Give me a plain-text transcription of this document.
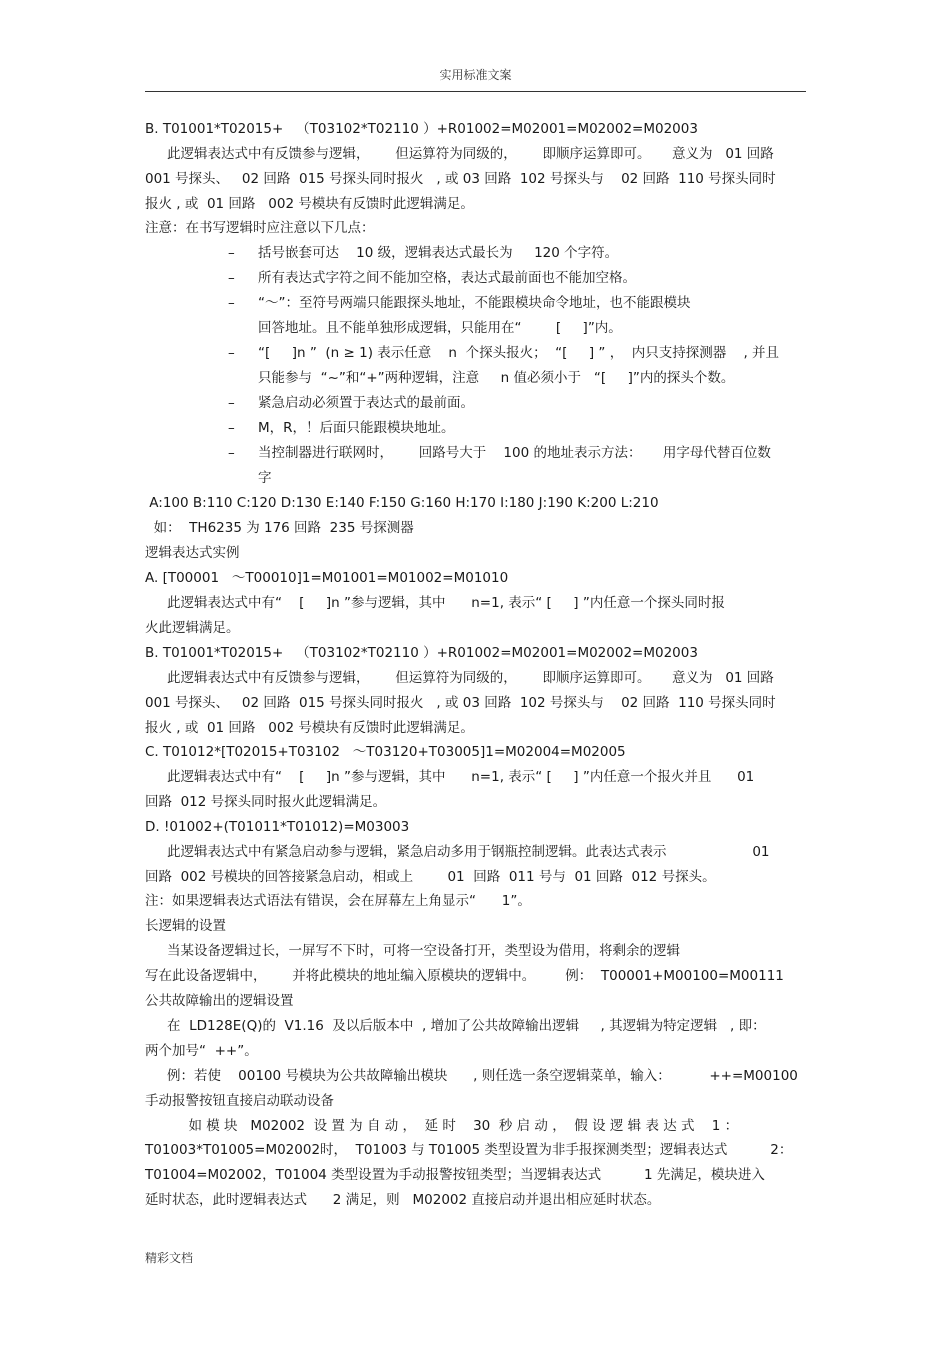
实用标准文案
B. T01001*T02015+   （T03102*T02110 ）+R01002=M02001=M02002=M02003
此逻辑表达式中有反馈参与逻辑，      但运算符为同级的，      即顺序运算即可。     意义为   01 回路
001 号探头、   02 回路  015 号探头同时报火   , 或 03 回路  102 号探头与    02 回路  110 号探头同时
报火 , 或  01 回路   002 号模块有反馈时此逻辑满足。
注意：在书写逻辑时应注意以下几点：
– 括号嵌套可达    10 级，逻辑表达式最长为     120 个字符。
– 所有表达式字符之间不能加空格，表达式最前面也不能加空格。
– “～”：至符号两端只能跟探头地址，不能跟模块命令地址，也不能跟模块
回答地址。且不能单独形成逻辑，只能用在“        [     ]”内。
– “[     ]n ”  (n ≥ 1) 表示任意    n  个探头报火；  “[     ] ” ，  内只支持探测器    , 并且
只能参与  “~”和“+”两种逻辑，注意     n 值必须小于   “[     ]”内的探头个数。
– 紧急启动必须置于表达式的最前面。
– M，R，！后面只能跟模块地址。
– 当控制器进行联网时，      回路号大于    100 的地址表示方法：     用字母代替百位数
字
A:100 B:110 C:120 D:130 E:140 F:150 G:160 H:170 I:180 J:190 K:200 L:210
如：  TH6235 为 176 回路  235 号探测器
逻辑表达式实例
A. [T00001   ～T00010]1=M01001=M01002=M01010
此逻辑表达式中有“    [     ]n ”参与逻辑，其中      n=1, 表示“ [     ] ”内任意一个探头同时报
火此逻辑满足。
B. T01001*T02015+   （T03102*T02110 ）+R01002=M02001=M02002=M02003
此逻辑表达式中有反馈参与逻辑，      但运算符为同级的，      即顺序运算即可。     意义为   01 回路
001 号探头、   02 回路  015 号探头同时报火   , 或 03 回路  102 号探头与    02 回路  110 号探头同时
报火 , 或  01 回路   002 号模块有反馈时此逻辑满足。
C. T01012*[T02015+T03102   ～T03120+T03005]1=M02004=M02005
此逻辑表达式中有“    [     ]n ”参与逻辑，其中      n=1, 表示“ [     ] ”内任意一个报火并且      01
回路  012 号探头同时报火此逻辑满足。
D. !01002+(T01011*T01012)=M03003
此逻辑表达式中有紧急启动参与逻辑，紧急启动多用于钢瓶控制逻辑。此表达式表示                    01
回路  002 号模块的回答接紧急启动，相或上        01  回路  011 号与  01 回路  012 号探头。
注：如果逻辑表达式语法有错误，会在屏幕左上角显示“      1”。
长逻辑的设置
当某设备逻辑过长，一屏写不下时，可将一空设备打开，类型设为借用，将剩余的逻辑
写在此设备逻辑中，      并将此模块的地址编入原模块的逻辑中。       例：  T00001+M00100=M00111
公共故障输出的逻辑设置
在  LD128E(Q)的  V1.16  及以后版本中  , 增加了公共故障输出逻辑     , 其逻辑为特定逻辑   , 即：
两个加号“  ++”。
例：若使    00100 号模块为公共故障输出模块      , 则任选一条空逻辑菜单，输入：         ++=M00100
手动报警按钮直接启动联动设备
如 模 块   M02002  设 置 为 自 动 ，  延 时    30  秒 启 动 ，  假 设 逻 辑 表 达 式    1 ：
T01003*T01005=M02002时，  T01003 与 T01005 类型设置为非手报探测类型；逻辑表达式          2：
T01004=M02002，T01004 类型设置为手动报警按钮类型；当逻辑表达式          1 先满足，模块进入
延时状态，此时逻辑表达式      2 满足，则   M02002 直接启动并退出相应延时状态。
精彩文档
